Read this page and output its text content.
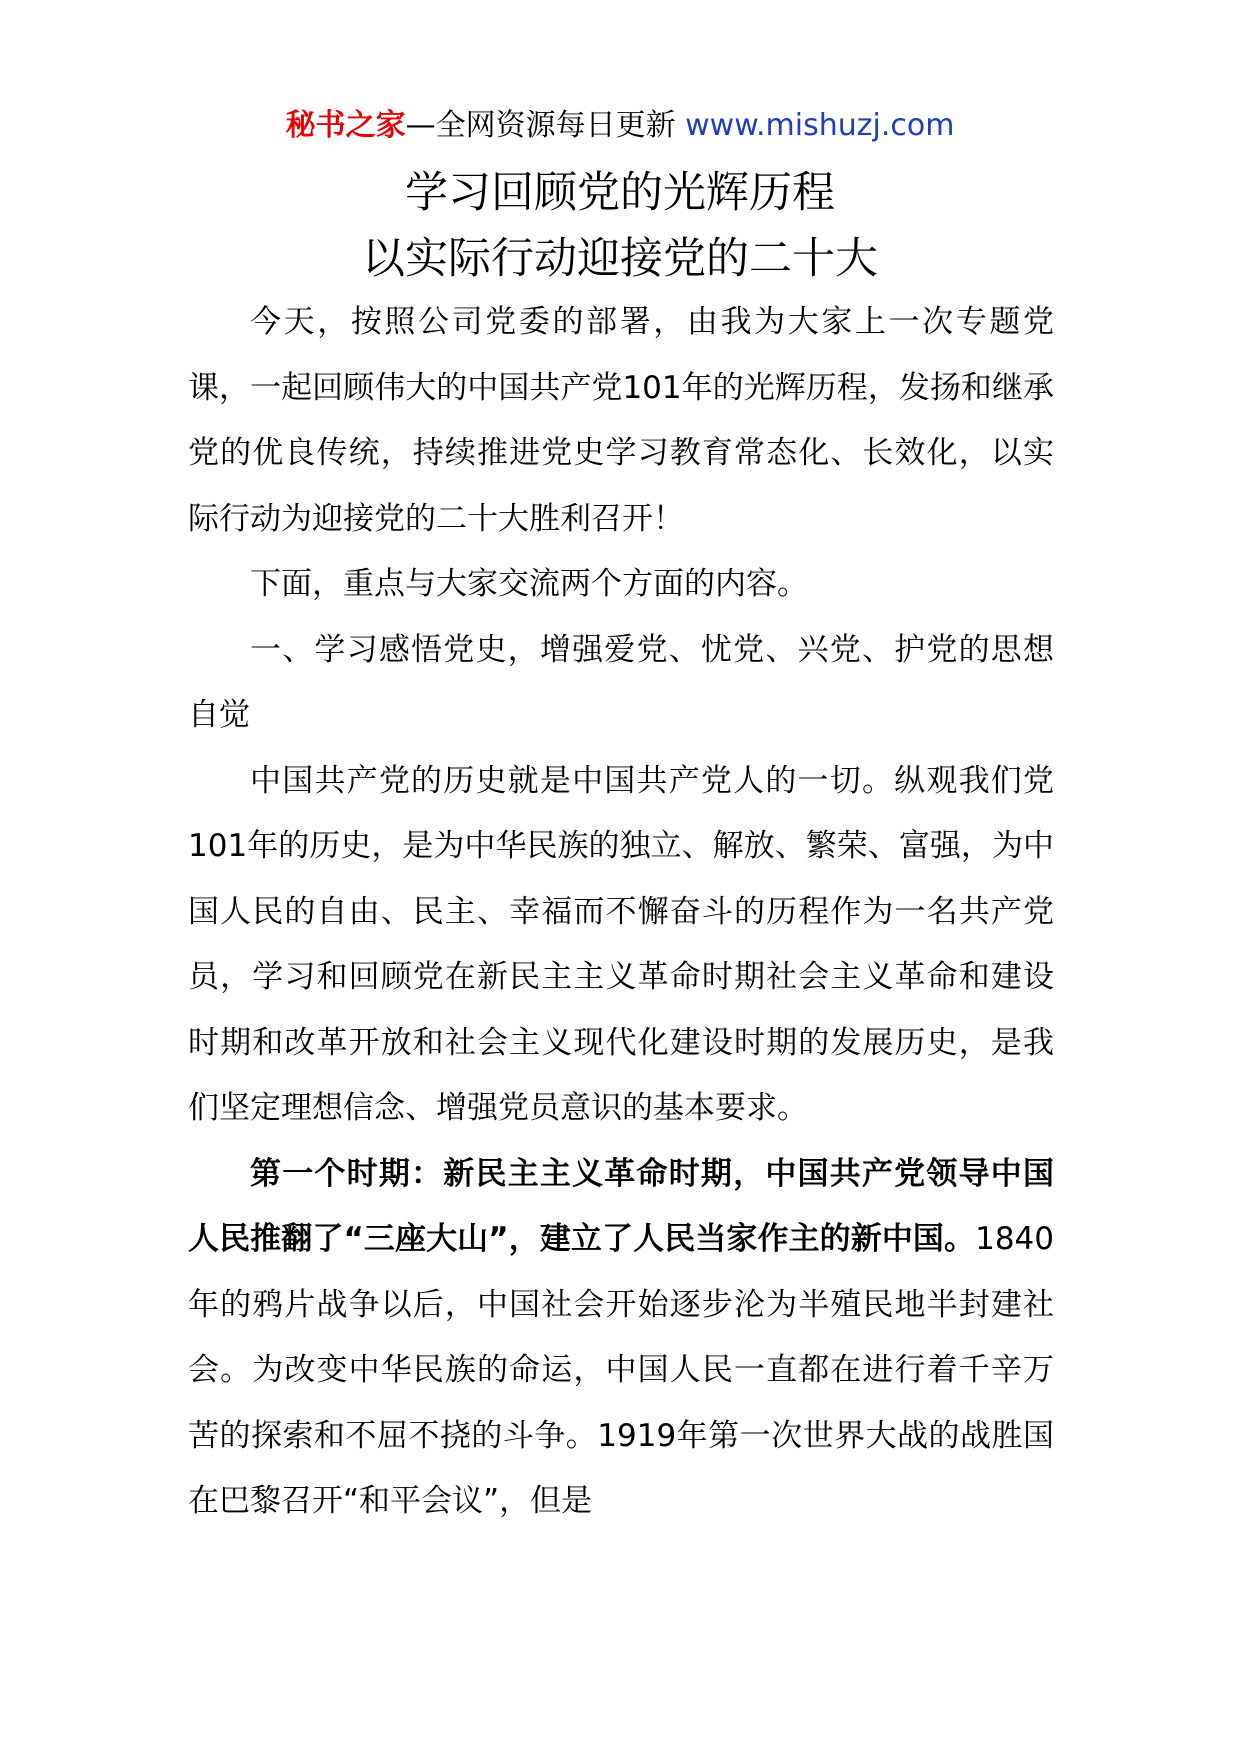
秘书之家—全网资源每日更新 www.mishuzj.com
学习回顾党的光辉历程
以实际行动迎接党的二十大

今天，按照公司党委的部署，由我为大家上一次专题党课，一起回顾伟大的中国共产党101年的光辉历程，发扬和继承党的优良传统，持续推进党史学习教育常态化、长效化，以实际行动为迎接党的二十大胜利召开！

下面，重点与大家交流两个方面的内容。

一、学习感悟党史，增强爱党、忧党、兴党、护党的思想自觉

中国共产党的历史就是中国共产党人的一切。纵观我们党101年的历史，是为中华民族的独立、解放、繁荣、富强，为中国人民的自由、民主、幸福而不懈奋斗的历程作为一名共产党员，学习和回顾党在新民主主义革命时期社会主义革命和建设时期和改革开放和社会主义现代化建设时期的发展历史，是我们坚定理想信念、增强党员意识的基本要求。

第一个时期：新民主主义革命时期，中国共产党领导中国人民推翻了“三座大山”，建立了人民当家作主的新中国。1840年的鸦片战争以后，中国社会开始逐步沦为半殖民地半封建社会。为改变中华民族的命运，中国人民一直都在进行着千辛万苦的探索和不屈不挠的斗争。1919年第一次世界大战的战胜国在巴黎召开“和平会议”，但是
